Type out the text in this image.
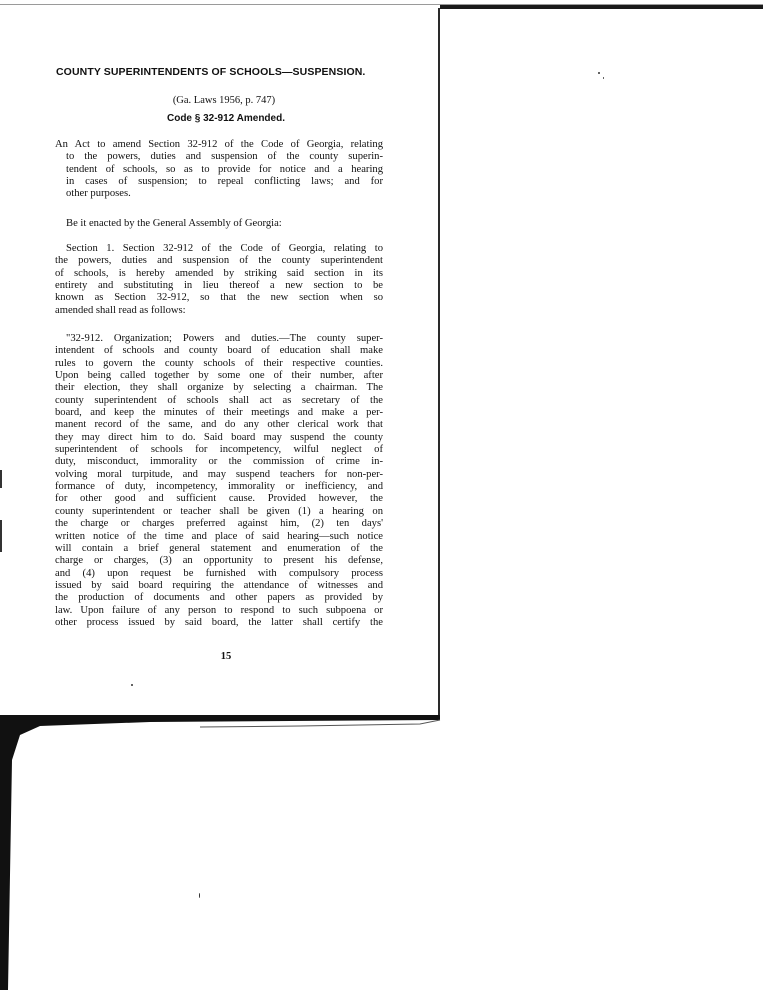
COUNTY SUPERINTENDENTS OF SCHOOLS—SUSPENSION.
(Ga. Laws 1956, p. 747)
Code § 32-912 Amended.
An Act to amend Section 32-912 of the Code of Georgia, relating
to the powers, duties and suspension of the county superin-
tendent of schools, so as to provide for notice and a hearing
in cases of suspension; to repeal conflicting laws; and for
other purposes.
Be it enacted by the General Assembly of Georgia:
Section 1. Section 32-912 of the Code of Georgia, relating to
the powers, duties and suspension of the county superintendent
of schools, is hereby amended by striking said section in its
entirety and substituting in lieu thereof a new section to be
known as Section 32-912, so that the new section when so
amended shall read as follows:
"32-912. Organization; Powers and duties.—The county super-
intendent of schools and county board of education shall make
rules to govern the county schools of their respective counties.
Upon being called together by some one of their number, after
their election, they shall organize by selecting a chairman. The
county superintendent of schools shall act as secretary of the
board, and keep the minutes of their meetings and make a per-
manent record of the same, and do any other clerical work that
they may direct him to do. Said board may suspend the county
superintendent of schools for incompetency, wilful neglect of
duty, misconduct, immorality or the commission of crime in-
volving moral turpitude, and may suspend teachers for non-per-
formance of duty, incompetency, immorality or inefficiency, and
for other good and sufficient cause. Provided however, the
county superintendent or teacher shall be given (1) a hearing on
the charge or charges preferred against him, (2) ten days'
written notice of the time and place of said hearing—such notice
will contain a brief general statement and enumeration of the
charge or charges, (3) an opportunity to present his defense,
and (4) upon request be furnished with compulsory process
issued by said board requiring the attendance of witnesses and
the production of documents and other papers as provided by
law. Upon failure of any person to respond to such subpoena or
other process issued by said board, the latter shall certify the
15
